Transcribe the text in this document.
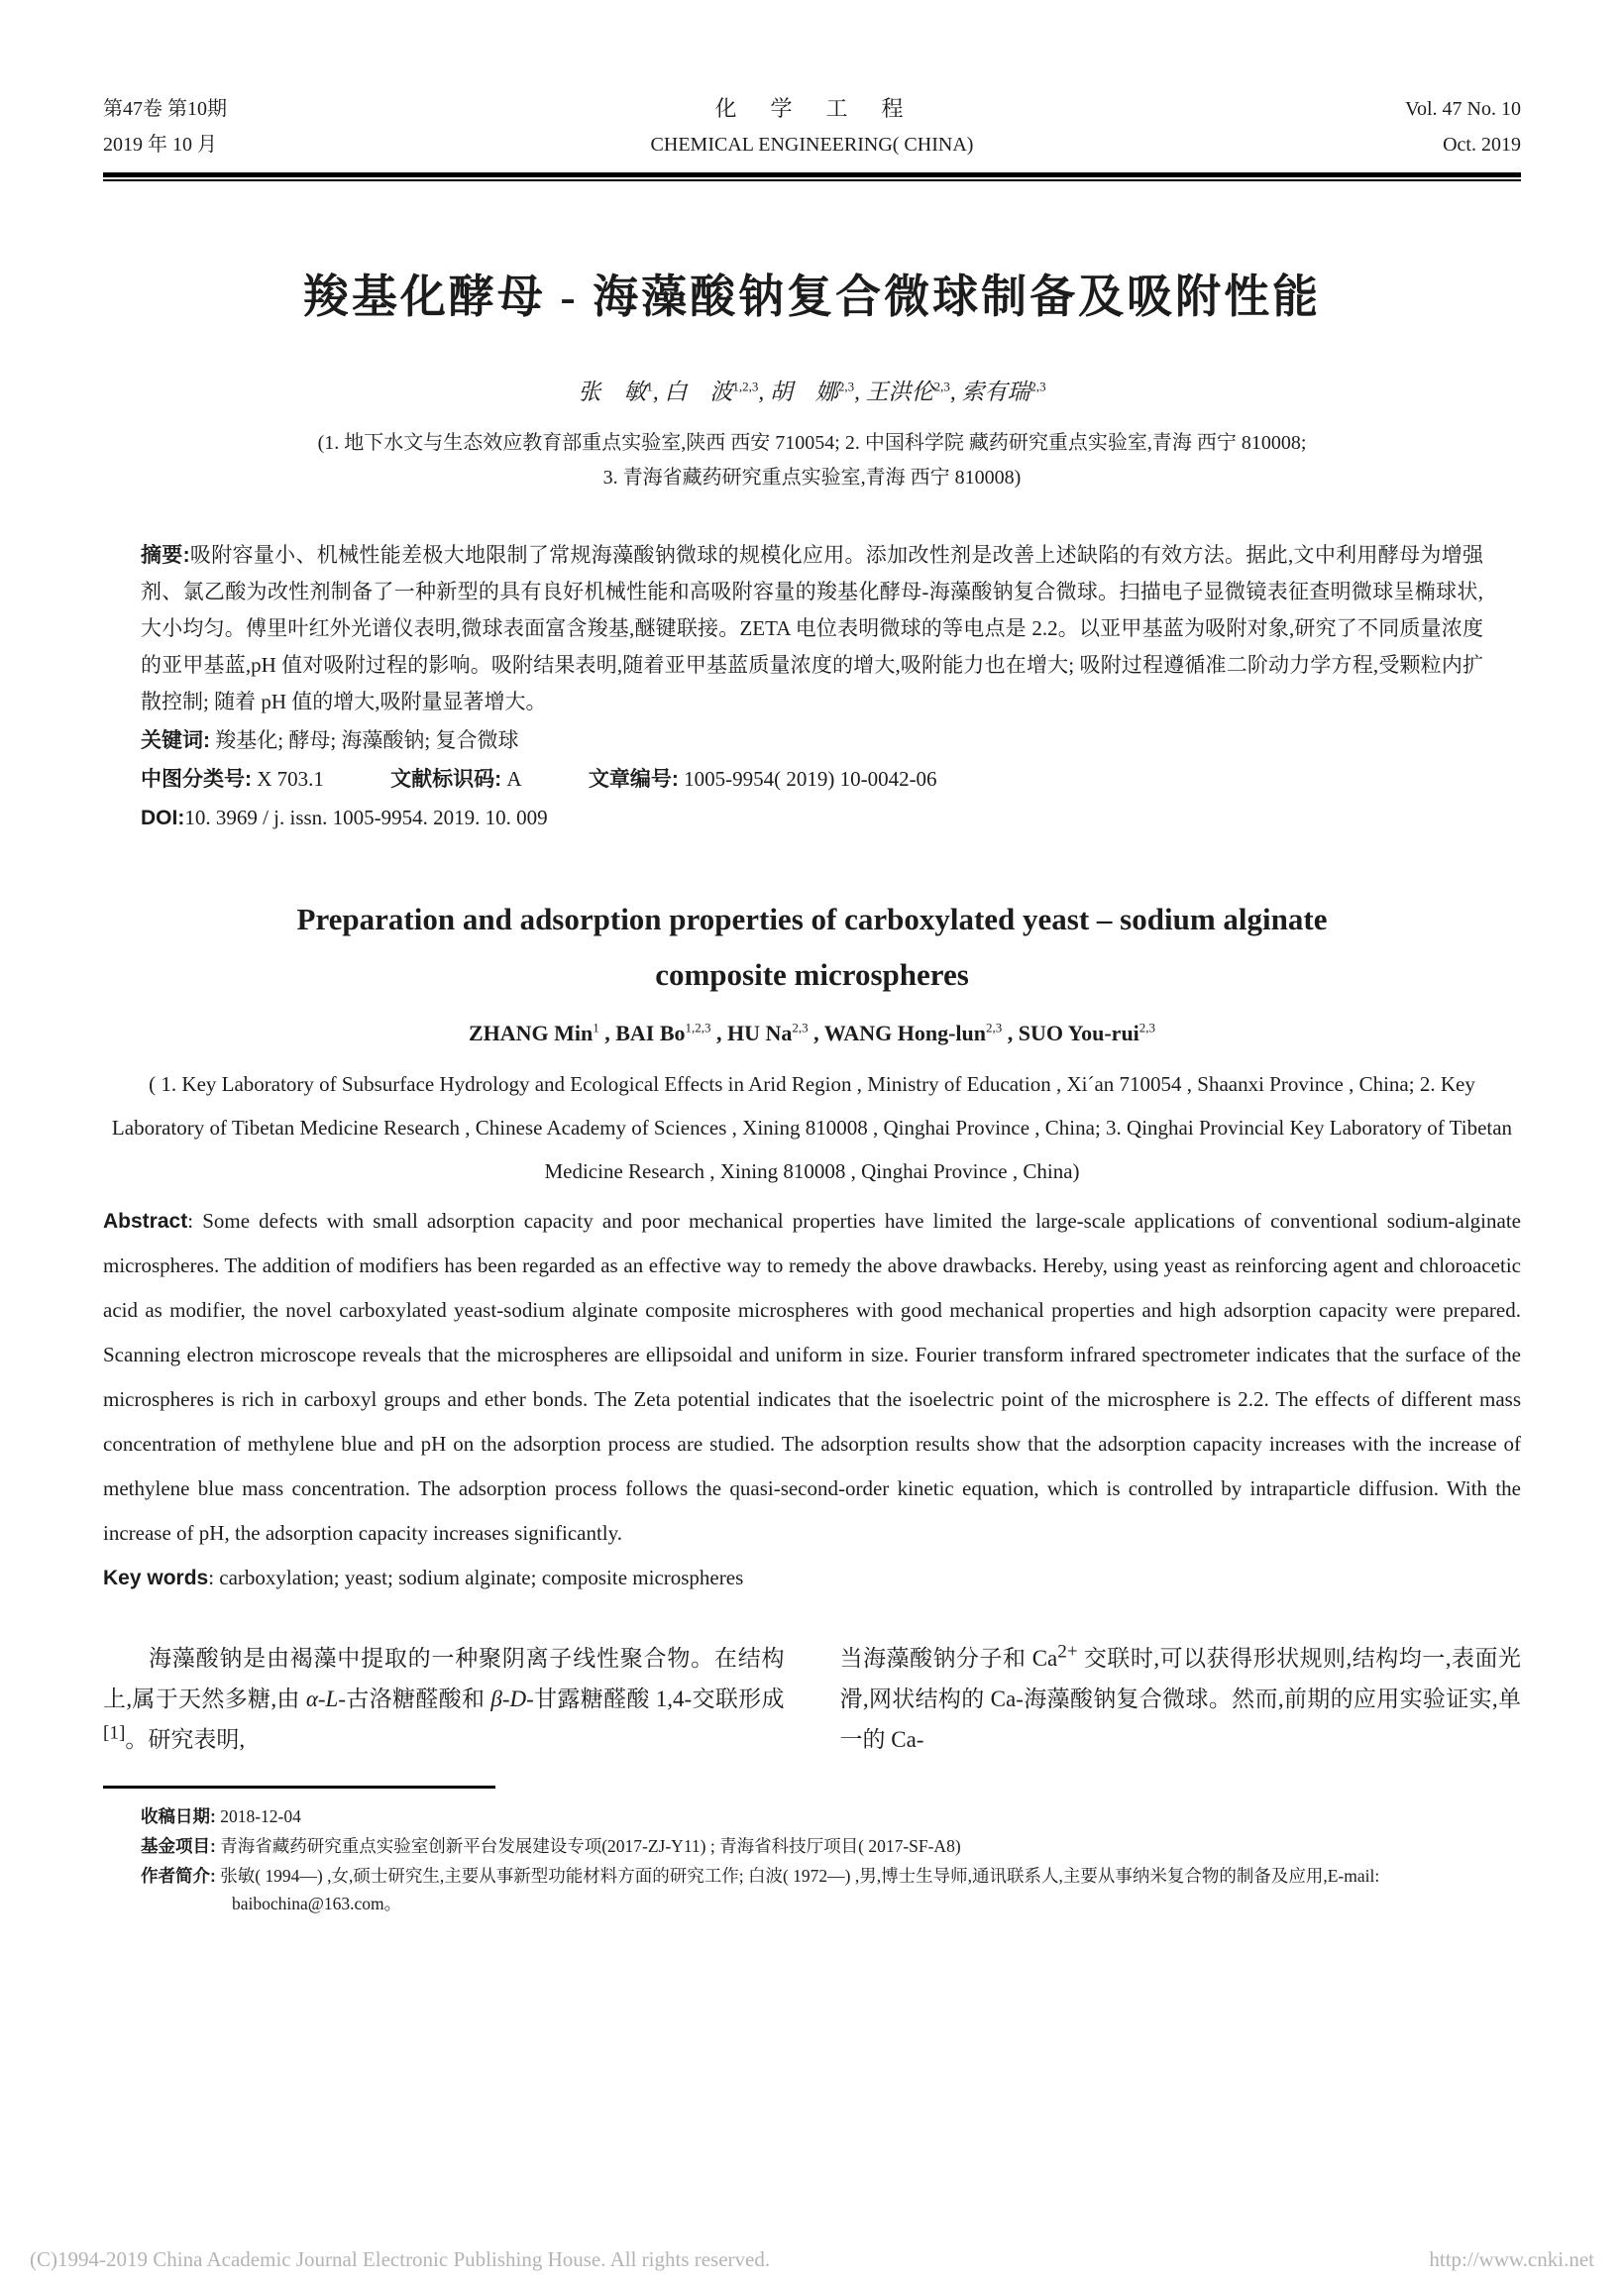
第47卷 第10期
2019 年 10 月
化　学　工　程
CHEMICAL ENGINEERING( CHINA)
Vol. 47 No. 10
Oct. 2019
羧基化酵母 - 海藻酸钠复合微球制备及吸附性能
张　敏$^1$, 白　波$^{1,2,3}$, 胡　娜$^{2,3}$, 王洪伦$^{2,3}$, 索有瑞$^{2,3}$
(1. 地下水文与生态效应教育部重点实验室,陕西 西安 710054; 2. 中国科学院 藏药研究重点实验室,青海 西宁 810008;
3. 青海省藏药研究重点实验室,青海 西宁 810008)
摘要:吸附容量小、机械性能差极大地限制了常规海藻酸钠微球的规模化应用。添加改性剂是改善上述缺陷的有效方法。据此,文中利用酵母为增强剂、氯乙酸为改性剂制备了一种新型的具有良好机械性能和高吸附容量的羧基化酵母-海藻酸钠复合微球。扫描电子显微镜表征查明微球呈椭球状,大小均匀。傅里叶红外光谱仪表明,微球表面富含羧基,醚键联接。ZETA 电位表明微球的等电点是 2.2。以亚甲基蓝为吸附对象,研究了不同质量浓度的亚甲基蓝,pH 值对吸附过程的影响。吸附结果表明,随着亚甲基蓝质量浓度的增大,吸附能力也在增大; 吸附过程遵循准二阶动力学方程,受颗粒内扩散控制; 随着 pH 值的增大,吸附量显著增大。
关键词: 羧基化; 酵母; 海藻酸钠; 复合微球
中图分类号: X 703.1	文献标识码: A	文章编号: 1005-9954( 2019) 10-0042-06
DOI:10. 3969 / j. issn. 1005-9954. 2019. 10. 009
Preparation and adsorption properties of carboxylated yeast – sodium alginate composite microspheres
ZHANG Min$^1$ , BAI Bo$^{1,2,3}$ , HU Na$^{2,3}$ , WANG Hong-lun$^{2,3}$ , SUO You-rui$^{2,3}$
( 1. Key Laboratory of Subsurface Hydrology and Ecological Effects in Arid Region , Ministry of Education , Xi´an 710054 , Shaanxi Province , China; 2. Key Laboratory of Tibetan Medicine Research , Chinese Academy of Sciences , Xining 810008 , Qinghai Province , China; 3. Qinghai Provincial Key Laboratory of Tibetan Medicine Research , Xining 810008 , Qinghai Province , China)
Abstract: Some defects with small adsorption capacity and poor mechanical properties have limited the large-scale applications of conventional sodium-alginate microspheres. The addition of modifiers has been regarded as an effective way to remedy the above drawbacks. Hereby, using yeast as reinforcing agent and chloroacetic acid as modifier, the novel carboxylated yeast-sodium alginate composite microspheres with good mechanical properties and high adsorption capacity were prepared. Scanning electron microscope reveals that the microspheres are ellipsoidal and uniform in size. Fourier transform infrared spectrometer indicates that the surface of the microspheres is rich in carboxyl groups and ether bonds. The Zeta potential indicates that the isoelectric point of the microsphere is 2.2. The effects of different mass concentration of methylene blue and pH on the adsorption process are studied. The adsorption results show that the adsorption capacity increases with the increase of methylene blue mass concentration. The adsorption process follows the quasi-second-order kinetic equation, which is controlled by intraparticle diffusion. With the increase of pH, the adsorption capacity increases significantly.
Key words: carboxylation; yeast; sodium alginate; composite microspheres
海藻酸钠是由褐藻中提取的一种聚阴离子线性聚合物。在结构上,属于天然多糖,由 α-L-古洛糖醛酸和 β-D-甘露糖醛酸 1,4-交联形成[1]。研究表明,
当海藻酸钠分子和 $Ca^{2+}$ 交联时,可以获得形状规则,结构均一,表面光滑,网状结构的 Ca-海藻酸钠复合微球。然而,前期的应用实验证实,单一的 Ca-
收稿日期: 2018-12-04
基金项目: 青海省藏药研究重点实验室创新平台发展建设专项(2017-ZJ-Y11) ; 青海省科技厅项目( 2017-SF-A8)
作者简介: 张敏( 1994—) ,女,硕士研究生,主要从事新型功能材料方面的研究工作; 白波( 1972—) ,男,博士生导师,通讯联系人,主要从事纳米复合物的制备及应用,E-mail: baibochina@163.com。
(C)1994-2019 China Academic Journal Electronic Publishing House. All rights reserved.	http://www.cnki.net
